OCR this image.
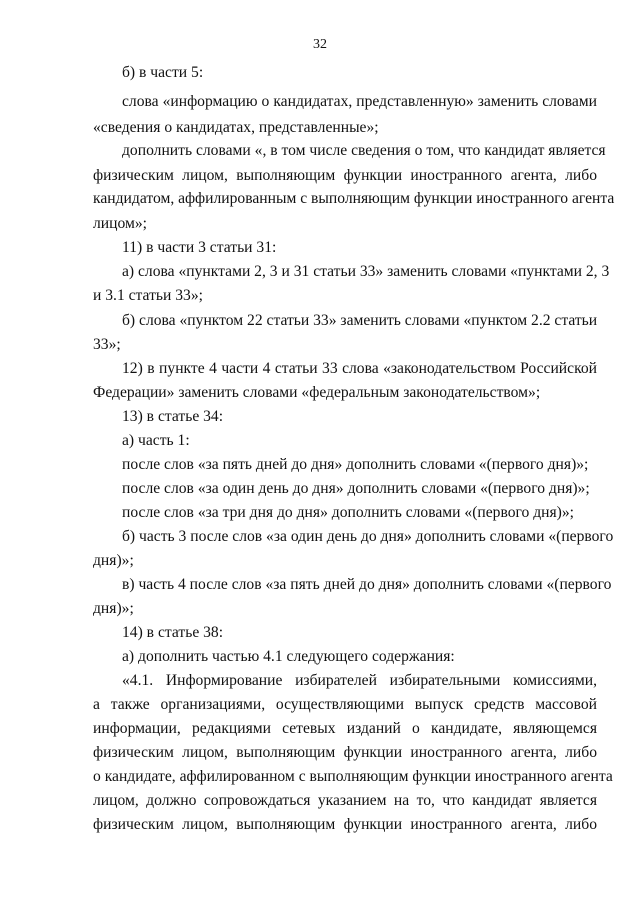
32
б) в части 5:
слова «информацию о кандидатах, представленную» заменить словами
«сведения о кандидатах, представленные»;
дополнить словами «, в том числе сведения о том, что кандидат является
физическим лицом, выполняющим функции иностранного агента, либо
кандидатом, аффилированным с выполняющим функции иностранного агента
лицом»;
11) в части 3 статьи 31:
а) слова «пунктами 2, 3 и 31 статьи 33» заменить словами «пунктами 2, 3
и 3.1 статьи 33»;
б) слова «пунктом 22 статьи 33» заменить словами «пунктом 2.2 статьи
33»;
12) в пункте 4 части 4 статьи 33 слова «законодательством Российской
Федерации» заменить словами «федеральным законодательством»;
13) в статье 34:
а) часть 1:
после слов «за пять дней до дня» дополнить словами «(первого дня)»;
после слов «за один день до дня» дополнить словами «(первого дня)»;
после слов «за три дня до дня» дополнить словами «(первого дня)»;
б) часть 3 после слов «за один день до дня» дополнить словами «(первого
дня)»;
в) часть 4 после слов «за пять дней до дня» дополнить словами «(первого
дня)»;
14) в статье 38:
а) дополнить частью 4.1 следующего содержания:
«4.1. Информирование избирателей избирательными комиссиями,
а также организациями, осуществляющими выпуск средств массовой
информации, редакциями сетевых изданий о кандидате, являющемся
физическим лицом, выполняющим функции иностранного агента, либо
о кандидате, аффилированном с выполняющим функции иностранного агента
лицом, должно сопровождаться указанием на то, что кандидат является
физическим лицом, выполняющим функции иностранного агента, либо
